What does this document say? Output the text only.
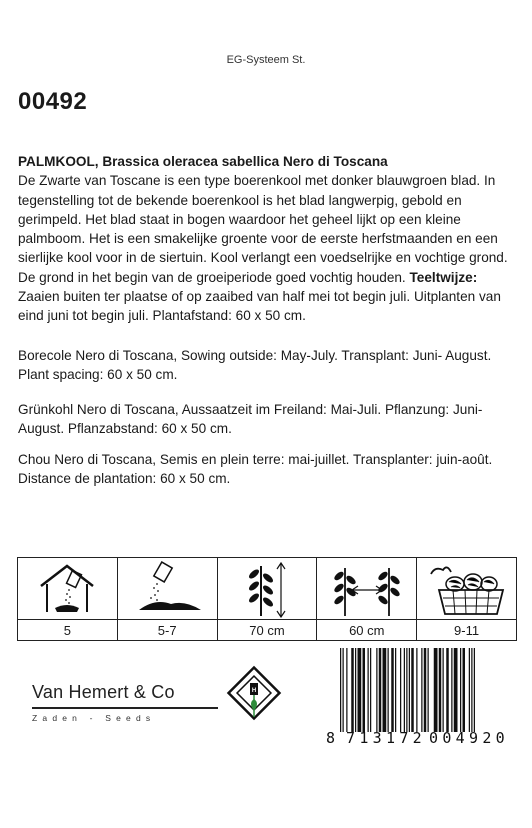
EG-Systeem St.
00492
PALMKOOL, Brassica oleracea sabellica Nero di Toscana
De Zwarte van Toscane is een type boerenkool met donker blauwgroen blad. In tegenstelling tot de bekende boerenkool is het blad langwerpig, gebold en gerimpeld. Het blad staat in bogen waardoor het geheel lijkt op een kleine palmboom. Het is een smakelijke groente voor de eerste herfstmaanden en een sierlijke kool voor in de siertuin. Kool verlangt een voedselrijke en vochtige grond. De grond in het begin van de groeiperiode goed vochtig houden. Teeltwijze: Zaaien buiten ter plaatse of op zaaibed van half mei tot begin juli. Uitplanten van eind juni tot begin juli. Plantafstand: 60 x 50 cm.
Borecole Nero di Toscana, Sowing outside: May-July. Transplant: Juni- August. Plant spacing: 60 x 50 cm.
Grünkohl Nero di Toscana, Aussaatzeit im Freiland: Mai-Juli. Pflanzung: Juni-August. Pflanzabstand: 60 x 50 cm.
Chou Nero di Toscana, Semis en plein terre: mai-juillet. Transplanter: juin-août. Distance de plantation: 60 x 50 cm.
5	5-7	70 cm	60 cm	9-11
Van Hemert & Co
Zaden - Seeds
H
8 713172 004920
